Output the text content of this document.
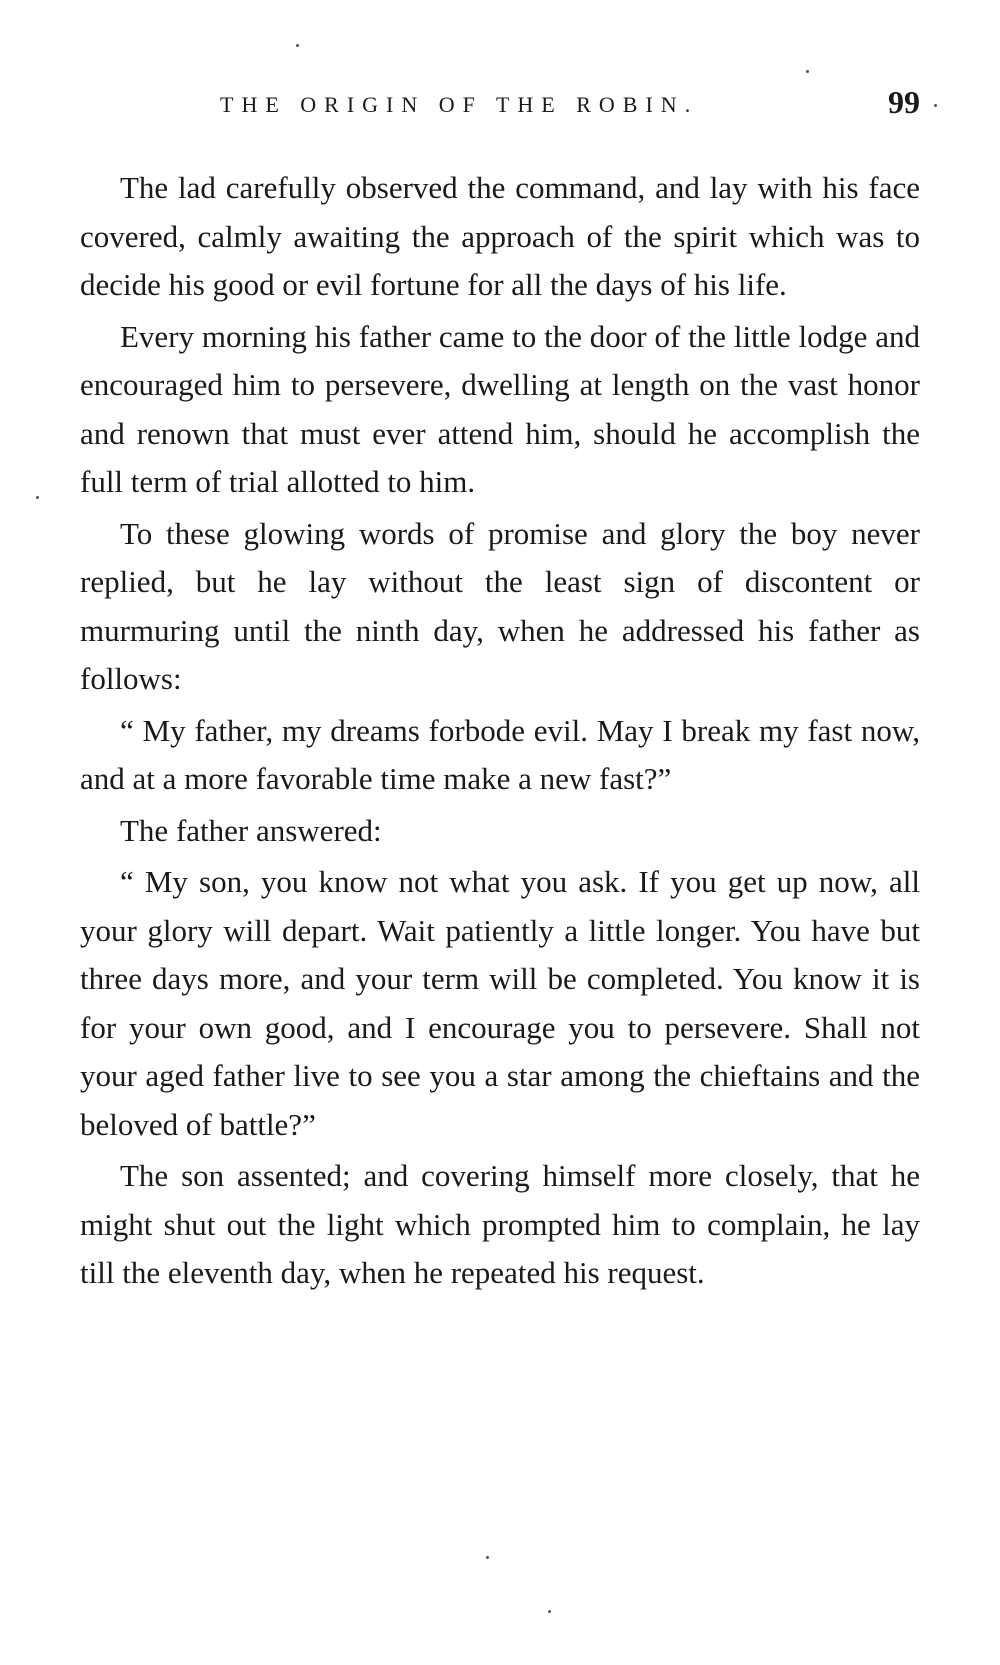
THE ORIGIN OF THE ROBIN.	99

The lad carefully observed the command, and lay with his face covered, calmly awaiting the approach of the spirit which was to decide his good or evil fortune for all the days of his life.

Every morning his father came to the door of the little lodge and encouraged him to persevere, dwelling at length on the vast honor and renown that must ever attend him, should he accomplish the full term of trial allotted to him.

To these glowing words of promise and glory the boy never replied, but he lay without the least sign of discontent or murmuring until the ninth day, when he addressed his father as follows:

“ My father, my dreams forbode evil. May I break my fast now, and at a more favorable time make a new fast?”

The father answered:

“ My son, you know not what you ask. If you get up now, all your glory will depart. Wait patiently a little longer. You have but three days more, and your term will be completed. You know it is for your own good, and I encourage you to persevere. Shall not your aged father live to see you a star among the chieftains and the beloved of battle?”

The son assented; and covering himself more closely, that he might shut out the light which prompted him to complain, he lay till the eleventh day, when he repeated his request.
